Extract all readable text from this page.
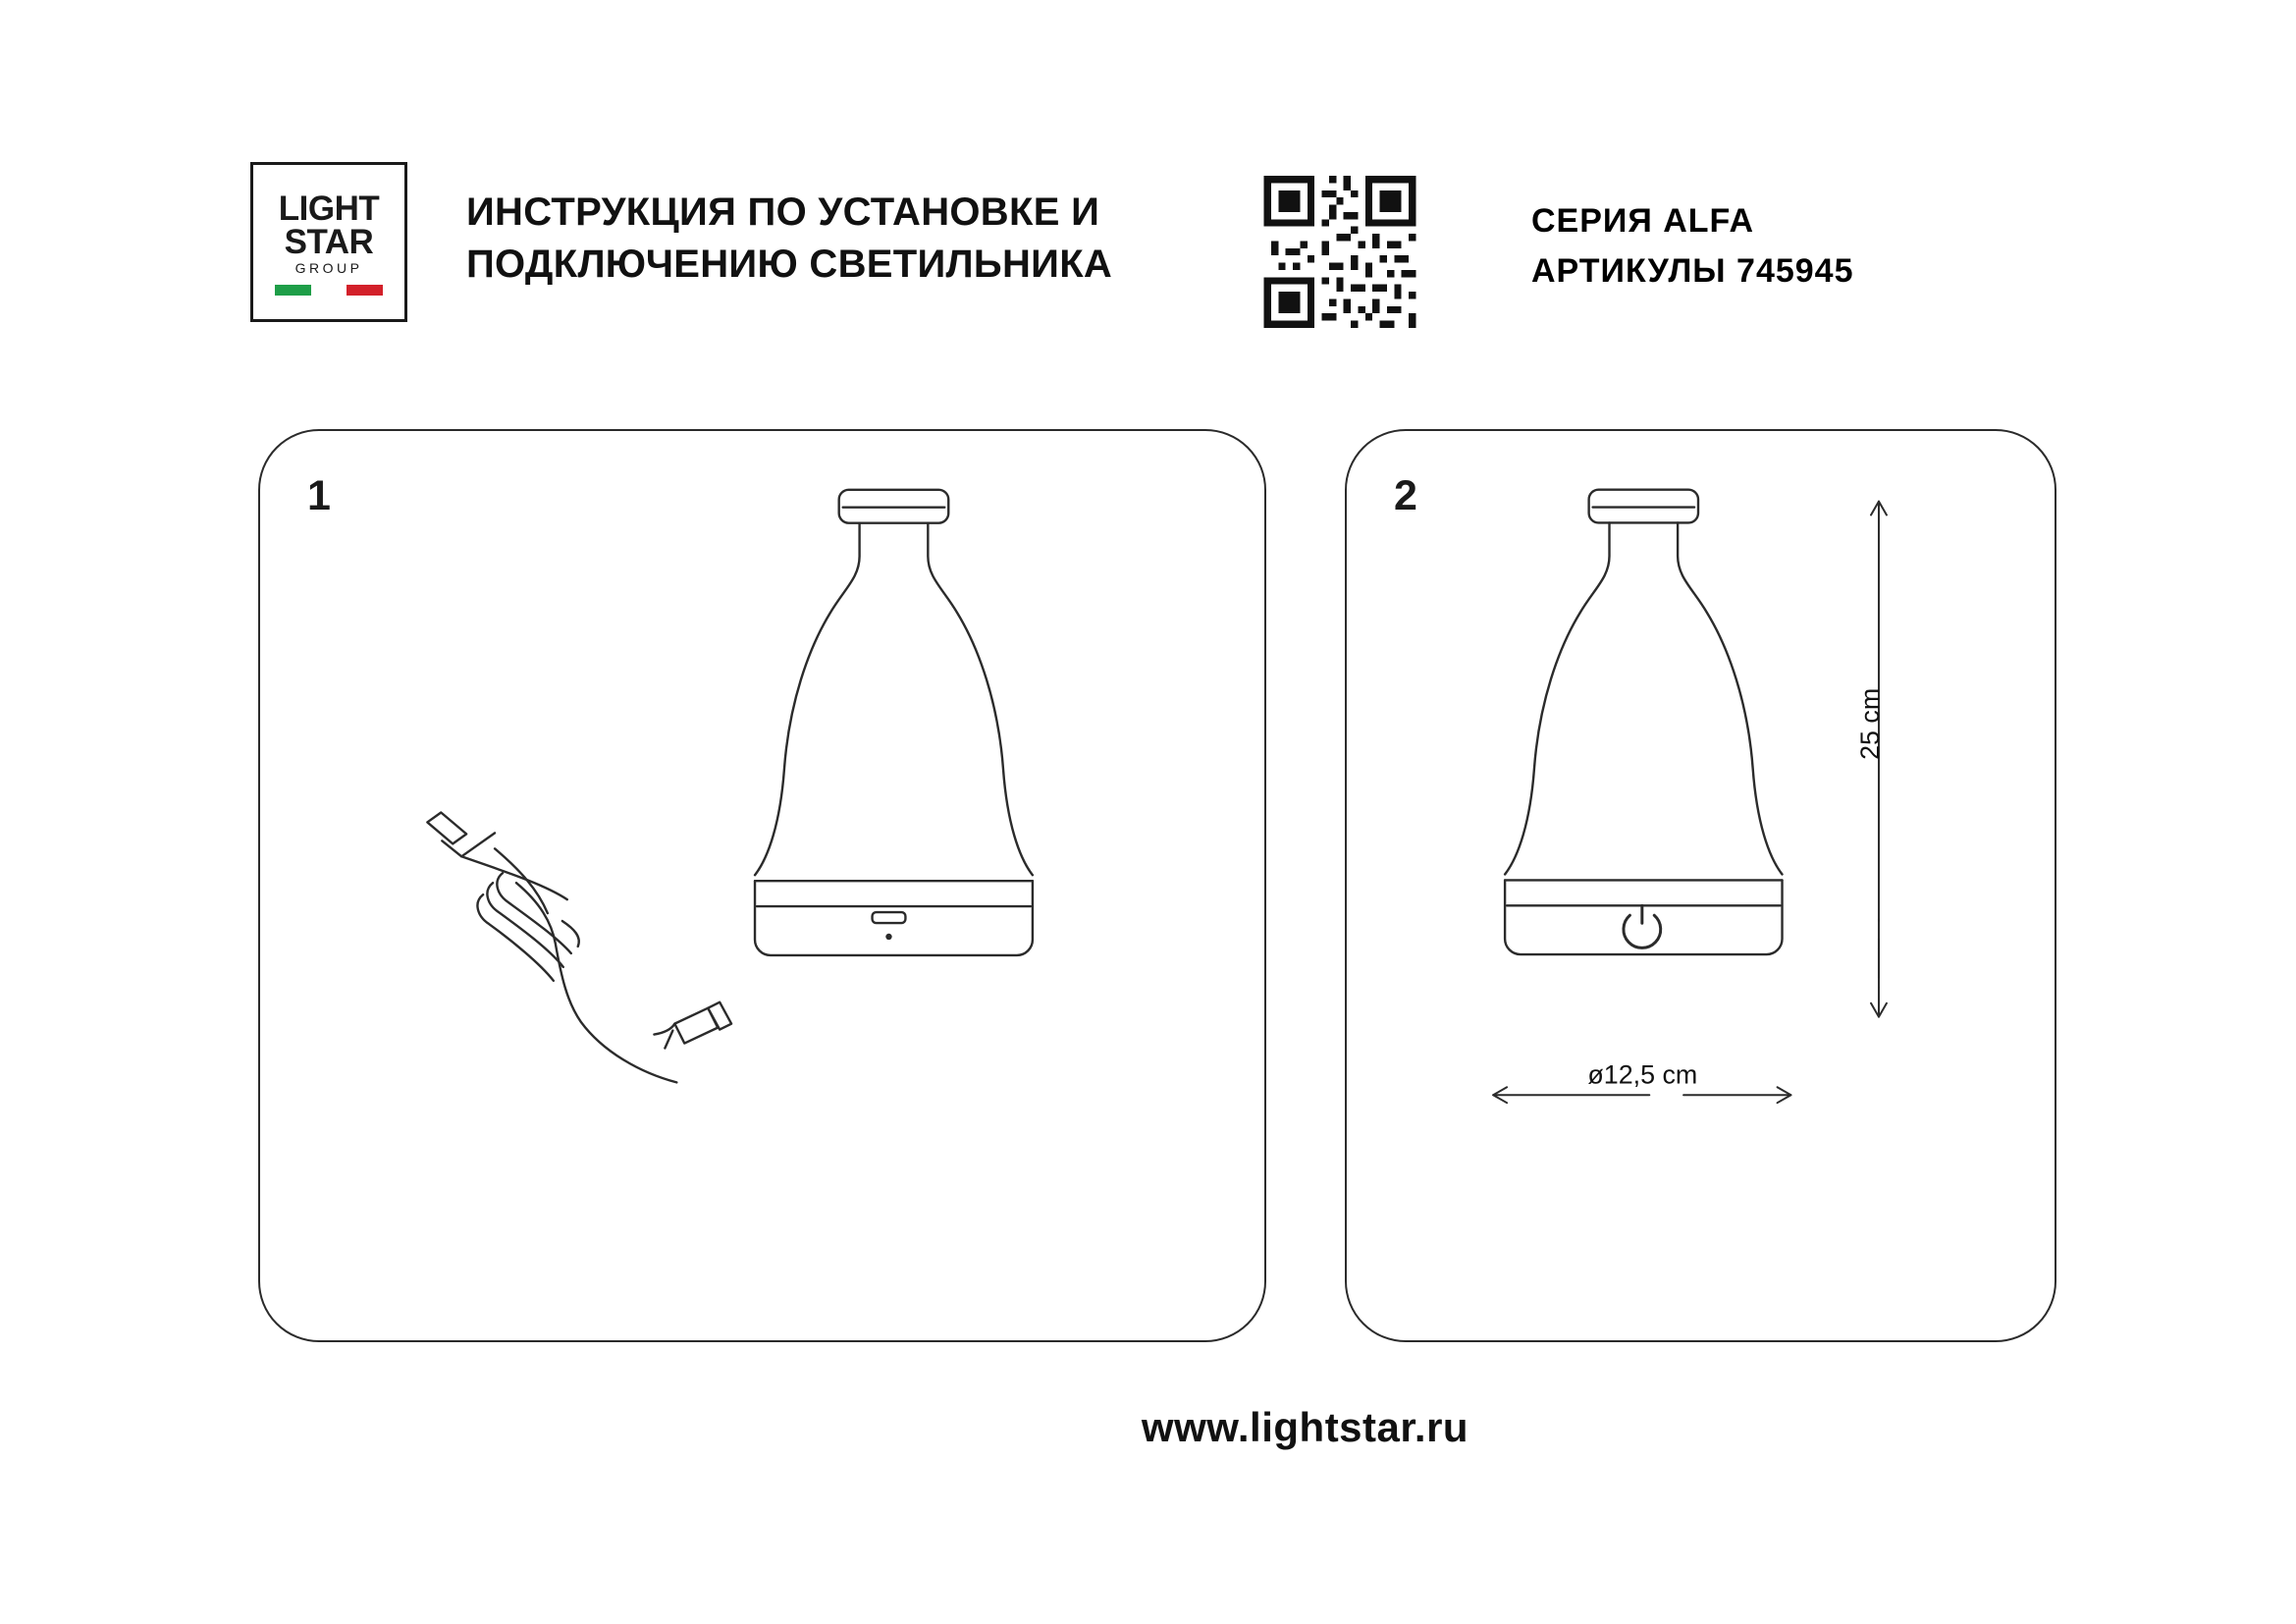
LIGHT
STAR
GROUP
ИНСТРУКЦИЯ ПО УСТАНОВКЕ И ПОДКЛЮЧЕНИЮ СВЕТИЛЬНИКА
СЕРИЯ ALFA
АРТИКУЛЫ 745945
1	2
25 cm
ø12,5 cm
www.lightstar.ru
